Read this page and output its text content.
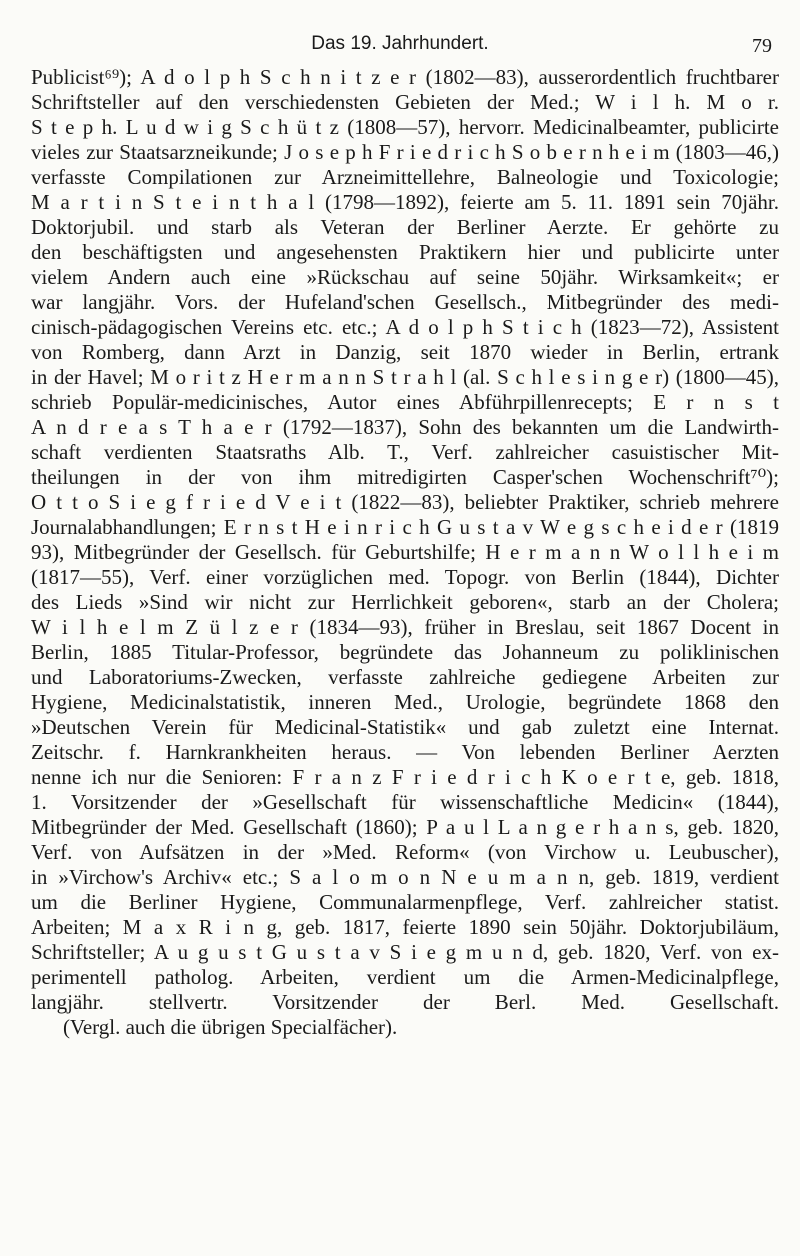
Das 19. Jahrhundert.	79
Publicist⁶⁹); A d o l p h S c h n i t z e r (1802—83), ausserordentlich fruchtbarer
Schriftsteller auf den verschiedensten Gebieten der Med.; W i l h. M o r.
S t e p h. L u d w i g S c h ü t z (1808—57), hervorr. Medicinalbeamter, publicirte
vieles zur Staatsarzneikunde; J o s e p h F r i e d r i c h S o b e r n h e i m (1803—46,)
verfasste Compilationen zur Arzneimittellehre, Balneologie und Toxicologie;
M a r t i n S t e i n t h a l (1798—1892), feierte am 5. 11. 1891 sein 70jähr.
Doktorjubil. und starb als Veteran der Berliner Aerzte. Er gehörte zu
den beschäftigsten und angesehensten Praktikern hier und publicirte unter
vielem Andern auch eine »Rückschau auf seine 50jähr. Wirksamkeit«; er
war langjähr. Vors. der Hufeland'schen Gesellsch., Mitbegründer des medi-
cinisch-pädagogischen Vereins etc. etc.; A d o l p h S t i c h (1823—72), Assistent
von Romberg, dann Arzt in Danzig, seit 1870 wieder in Berlin, ertrank
in der Havel; M o r i t z H e r m a n n S t r a h l (al. S c h l e s i n g e r) (1800—45),
schrieb Populär-medicinisches, Autor eines Abführpillenrecepts; E r n s t
A n d r e a s T h a e r (1792—1837), Sohn des bekannten um die Landwirth-
schaft verdienten Staatsraths Alb. T., Verf. zahlreicher casuistischer Mit-
theilungen in der von ihm mitredigirten Casper'schen Wochenschrift⁷⁰);
O t t o S i e g f r i e d V e i t (1822—83), beliebter Praktiker, schrieb mehrere
Journalabhandlungen; E r n s t H e i n r i c h G u s t a v W e g s c h e i d e r (1819
93), Mitbegründer der Gesellsch. für Geburtshilfe; H e r m a n n W o l l h e i m
(1817—55), Verf. einer vorzüglichen med. Topogr. von Berlin (1844), Dichter
des Lieds »Sind wir nicht zur Herrlichkeit geboren«, starb an der Cholera;
W i l h e l m Z ü l z e r (1834—93), früher in Breslau, seit 1867 Docent in
Berlin, 1885 Titular-Professor, begründete das Johanneum zu poliklinischen
und Laboratoriums-Zwecken, verfasste zahlreiche gediegene Arbeiten zur
Hygiene, Medicinalstatistik, inneren Med., Urologie, begründete 1868 den
»Deutschen Verein für Medicinal-Statistik« und gab zuletzt eine Internat.
Zeitschr. f. Harnkrankheiten heraus. — Von lebenden Berliner Aerzten
nenne ich nur die Senioren: F r a n z F r i e d r i c h K o e r t e, geb. 1818,
1. Vorsitzender der »Gesellschaft für wissenschaftliche Medicin« (1844),
Mitbegründer der Med. Gesellschaft (1860); P a u l L a n g e r h a n s, geb. 1820,
Verf. von Aufsätzen in der »Med. Reform« (von Virchow u. Leubuscher),
in »Virchow's Archiv« etc.; S a l o m o n N e u m a n n, geb. 1819, verdient
um die Berliner Hygiene, Communalarmenpflege, Verf. zahlreicher statist.
Arbeiten; M a x R i n g, geb. 1817, feierte 1890 sein 50jähr. Doktorjubiläum,
Schriftsteller; A u g u s t G u s t a v S i e g m u n d, geb. 1820, Verf. von ex-
perimentell patholog. Arbeiten, verdient um die Armen-Medicinalpflege,
langjähr. stellvertr. Vorsitzender der Berl. Med. Gesellschaft.
(Vergl. auch die übrigen Specialfächer).
